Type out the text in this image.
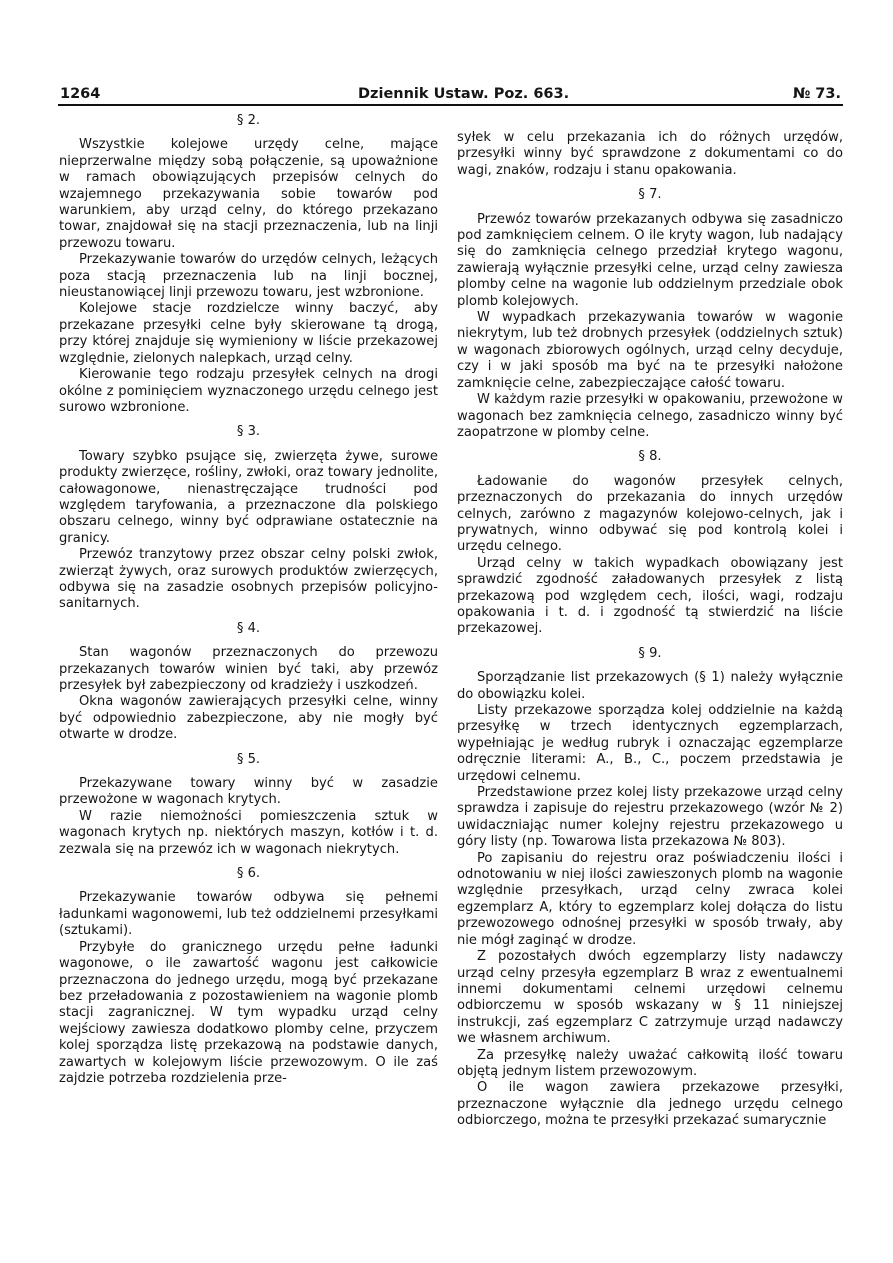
1264	Dziennik Ustaw. Poz. 663.	№ 73.
§ 2.

Wszystkie kolejowe urzędy celne, mające nieprzerwalne między sobą połączenie, są upoważnione w ramach obowiązujących przepisów celnych do wzajemnego przekazywania sobie towarów pod warunkiem, aby urząd celny, do którego przekazano towar, znajdował się na stacji przeznaczenia, lub na linji przewozu towaru.

Przekazywanie towarów do urzędów celnych, leżących poza stacją przeznaczenia lub na linji bocznej, nieustanowiącej linji przewozu towaru, jest wzbronione.

Kolejowe stacje rozdzielcze winny baczyć, aby przekazane przesyłki celne były skierowane tą drogą, przy której znajduje się wymieniony w liście przekazowej względnie, zielonych nalepkach, urząd celny.

Kierowanie tego rodzaju przesyłek celnych na drogi okólne z pominięciem wyznaczonego urzędu celnego jest surowo wzbronione.

§ 3.

Towary szybko psujące się, zwierzęta żywe, surowe produkty zwierzęce, rośliny, zwłoki, oraz towary jednolite, całowagonowe, nienastręczające trudności pod względem taryfowania, a przeznaczone dla polskiego obszaru celnego, winny być odprawiane ostatecznie na granicy.

Przewóz tranzytowy przez obszar celny polski zwłok, zwierząt żywych, oraz surowych produktów zwierzęcych, odbywa się na zasadzie osobnych przepisów policyjno-sanitarnych.

§ 4.

Stan wagonów przeznaczonych do przewozu przekazanych towarów winien być taki, aby przewóz przesyłek był zabezpieczony od kradzieży i uszkodzeń.

Okna wagonów zawierających przesyłki celne, winny być odpowiednio zabezpieczone, aby nie mogły być otwarte w drodze.

§ 5.

Przekazywane towary winny być w zasadzie przewożone w wagonach krytych.

W razie niemożności pomieszczenia sztuk w wagonach krytych np. niektórych maszyn, kotłów i t. d. zezwala się na przewóz ich w wagonach niekrytych.

§ 6.

Przekazywanie towarów odbywa się pełnemi ładunkami wagonowemi, lub też oddzielnemi przesyłkami (sztukami).

Przybyłe do granicznego urzędu pełne ładunki wagonowe, o ile zawartość wagonu jest całkowicie przeznaczona do jednego urzędu, mogą być przekazane bez przeładowania z pozostawieniem na wagonie plomb stacji zagranicznej. W tym wypadku urząd celny wejściowy zawiesza dodatkowo plomby celne, przyczem kolej sporządza listę przekazową na podstawie danych, zawartych w kolejowym liście przewozowym. O ile zaś zajdzie potrzeba rozdzielenia prze-

syłek w celu przekazania ich do różnych urzędów, przesyłki winny być sprawdzone z dokumentami co do wagi, znaków, rodzaju i stanu opakowania.

§ 7.

Przewóz towarów przekazanych odbywa się zasadniczo pod zamknięciem celnem. O ile kryty wagon, lub nadający się do zamknięcia celnego przedział krytego wagonu, zawierają wyłącznie przesyłki celne, urząd celny zawiesza plomby celne na wagonie lub oddzielnym przedziale obok plomb kolejowych.

W wypadkach przekazywania towarów w wagonie niekrytym, lub też drobnych przesyłek (oddzielnych sztuk) w wagonach zbiorowych ogólnych, urząd celny decyduje, czy i w jaki sposób ma być na te przesyłki nałożone zamknięcie celne, zabezpieczające całość towaru.

W każdym razie przesyłki w opakowaniu, przewożone w wagonach bez zamknięcia celnego, zasadniczo winny być zaopatrzone w plomby celne.

§ 8.

Ładowanie do wagonów przesyłek celnych, przeznaczonych do przekazania do innych urzędów celnych, zarówno z magazynów kolejowo-celnych, jak i prywatnych, winno odbywać się pod kontrolą kolei i urzędu celnego.

Urząd celny w takich wypadkach obowiązany jest sprawdzić zgodność załadowanych przesyłek z listą przekazową pod względem cech, ilości, wagi, rodzaju opakowania i t. d. i zgodność tą stwierdzić na liście przekazowej.

§ 9.

Sporządzanie list przekazowych (§ 1) należy wyłącznie do obowiązku kolei.

Listy przekazowe sporządza kolej oddzielnie na każdą przesyłkę w trzech identycznych egzemplarzach, wypełniając je według rubryk i oznaczając egzemplarze odręcznie literami: A., B., C., poczem przedstawia je urzędowi celnemu.

Przedstawione przez kolej listy przekazowe urząd celny sprawdza i zapisuje do rejestru przekazowego (wzór № 2) uwidaczniając numer kolejny rejestru przekazowego u góry listy (np. Towarowa lista przekazowa № 803).

Po zapisaniu do rejestru oraz poświadczeniu ilości i odnotowaniu w niej ilości zawieszonych plomb na wagonie względnie przesyłkach, urząd celny zwraca kolei egzemplarz A, który to egzemplarz kolej dołącza do listu przewozowego odnośnej przesyłki w sposób trwały, aby nie mógł zaginąć w drodze.

Z pozostałych dwóch egzemplarzy listy nadawczy urząd celny przesyła egzemplarz B wraz z ewentualnemi innemi dokumentami celnemi urzędowi celnemu odbiorczemu w sposób wskazany w § 11 niniejszej instrukcji, zaś egzemplarz C zatrzymuje urząd nadawczy we własnem archiwum.

Za przesyłkę należy uważać całkowitą ilość towaru objętą jednym listem przewozowym.

O ile wagon zawiera przekazowe przesyłki, przeznaczone wyłącznie dla jednego urzędu celnego odbiorczego, można te przesyłki przekazać sumarycznie
